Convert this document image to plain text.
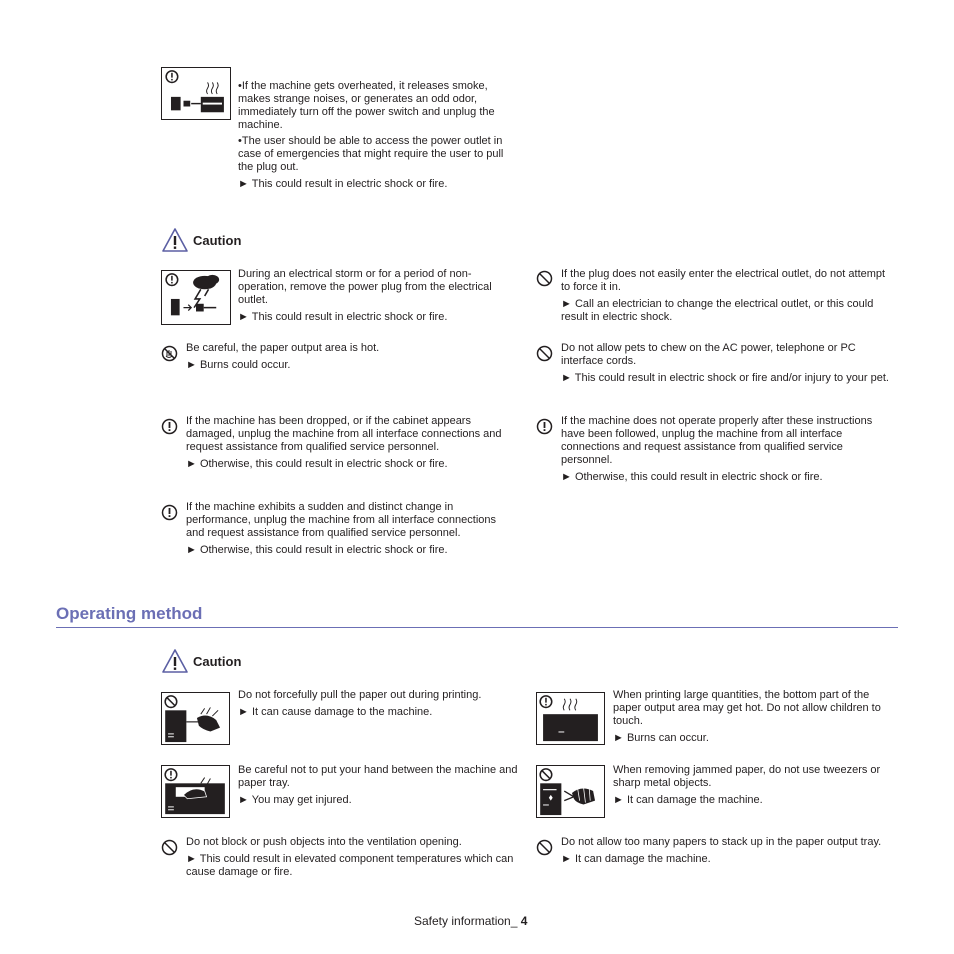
•If the machine gets overheated, it releases smoke, makes strange noises, or generates an odd odor, immediately turn off the power switch and unplug the machine.

•The user should be able to access the power outlet in case of emergencies that might require the user to pull the plug out.

► This could result in electric shock or fire.

Caution

During an electrical storm or for a period of non-operation, remove the power plug from the electrical outlet.

► This could result in electric shock or fire.

Be careful, the paper output area is hot.

► Burns could occur.

If the machine has been dropped, or if the cabinet appears damaged, unplug the machine from all interface connections and request assistance from qualified service personnel.

► Otherwise, this could result in electric shock or fire.

If the machine exhibits a sudden and distinct change in performance, unplug the machine from all interface connections and request assistance from qualified service personnel.

► Otherwise, this could result in electric shock or fire.

If the plug does not easily enter the electrical outlet, do not attempt to force it in.

► Call an electrician to change the electrical outlet, or this could result in electric shock.

Do not allow pets to chew on the AC power, telephone or PC interface cords.

► This could result in electric shock or fire and/or injury to your pet.

If the machine does not operate properly after these instructions have been followed, unplug the machine from all interface connections and request assistance from qualified service personnel.

► Otherwise, this could result in electric shock or fire.

Operating method
Caution

Do not forcefully pull the paper out during printing.

► It can cause damage to the machine.

Be careful not to put your hand between the machine and paper tray.

► You may get injured.

Do not block or push objects into the ventilation opening.

► This could result in elevated component temperatures which can cause damage or fire.

When printing large quantities, the bottom part of the paper output area may get hot. Do not allow children to touch.

► Burns can occur.

When removing jammed paper, do not use tweezers or sharp metal objects.

► It can damage the machine.

Do not allow too many papers to stack up in the paper output tray.

► It can damage the machine.

Safety information_ 4
